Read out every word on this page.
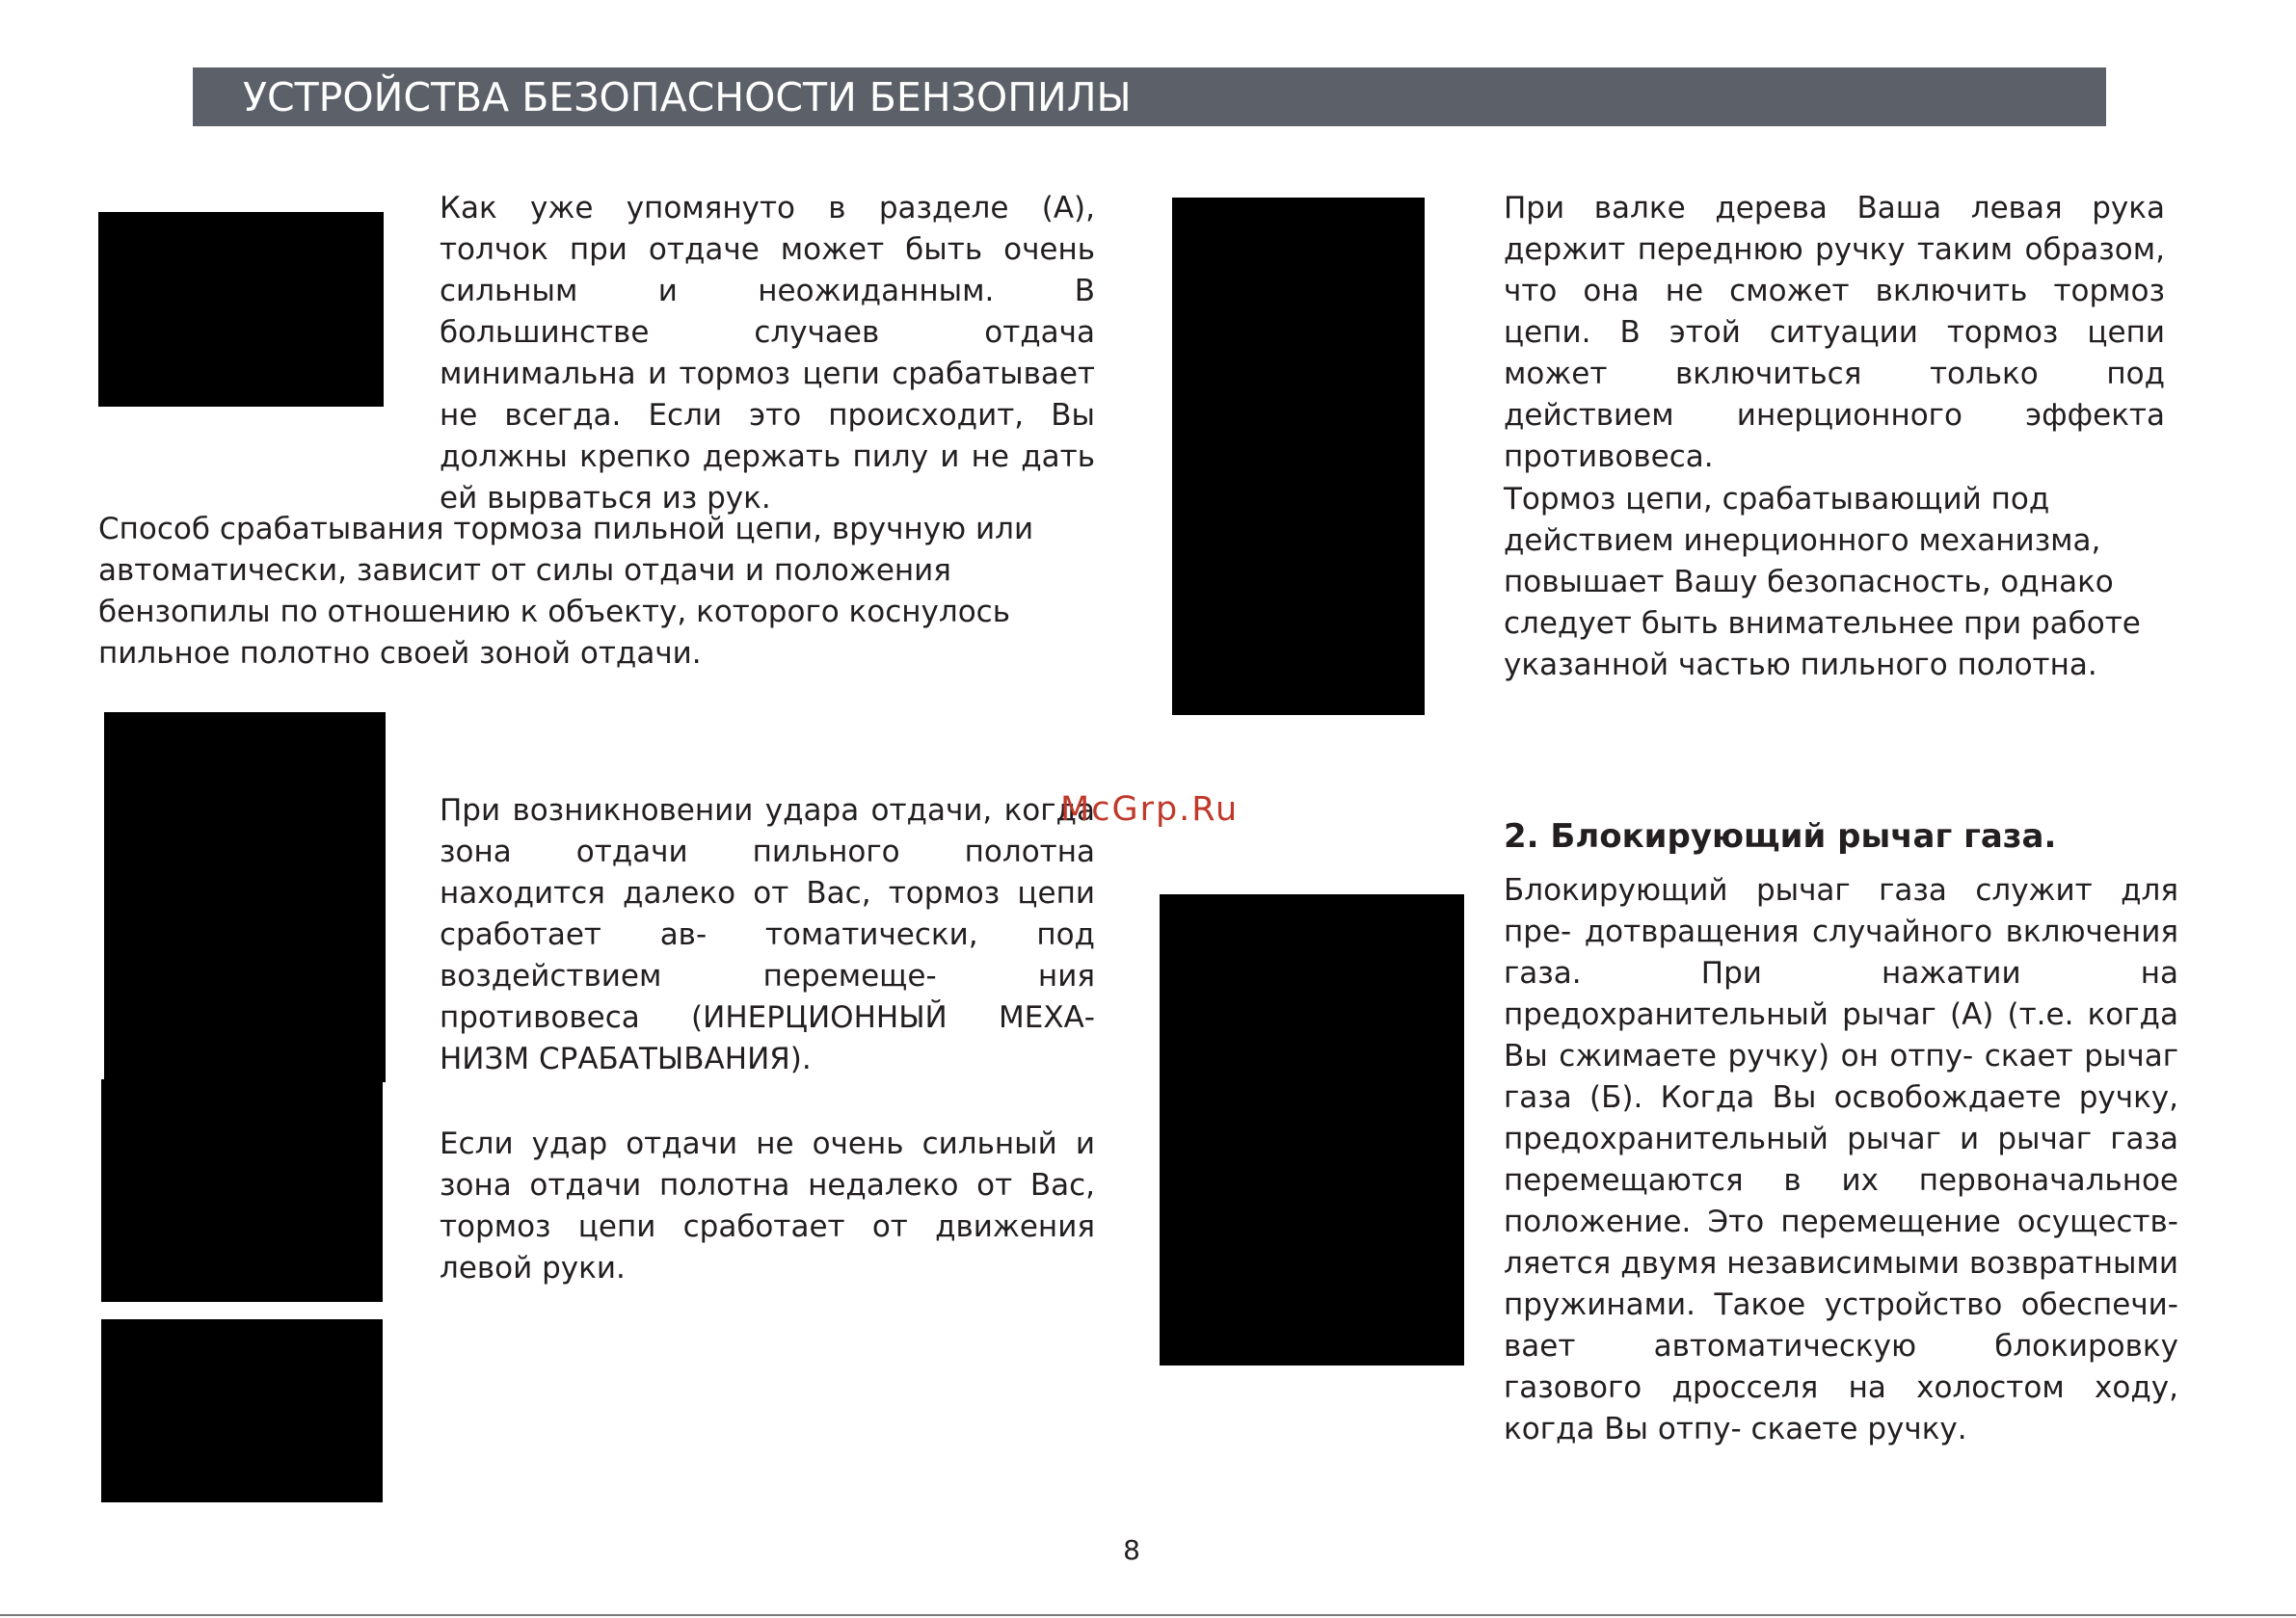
УСТРОЙСТВА БЕЗОПАСНОСТИ БЕНЗОПИЛЫ

Как уже упомянуто в разделе (А), толчок при отдаче может быть очень сильным и неожиданным. В большинстве случаев отдача минимальна и тормоз цепи срабатывает не всегда. Если это происходит, Вы должны крепко держать пилу и не дать ей вырваться из рук.

Способ срабатывания тормоза пильной цепи, вручную или автоматически, зависит от силы отдачи и положения бензопилы по отношению к объекту, которого коснулось пильное полотно своей зоной отдачи.

При возникновении удара отдачи, когда зона отдачи пильного полотна находится далеко от Вас, тормоз цепи сработает ав- томатически, под воздействием перемеще- ния противовеса (ИНЕРЦИОННЫЙ МЕХА- НИЗМ СРАБАТЫВАНИЯ).

Если удар отдачи не очень сильный и зона отдачи полотна недалеко от Вас, тормоз цепи сработает от движения левой руки.

При валке дерева Ваша левая рука держит переднюю ручку таким образом, что она не сможет включить тормоз цепи. В этой ситуации тормоз цепи может включиться только под действием инерционного эффекта противовеса.

Тормоз цепи, срабатывающий под действием инерционного механизма, повышает Вашу безопасность, однако следует быть внимательнее при работе указанной частью пильного полотна.

2. Блокирующий рычаг газа.

Блокирующий рычаг газа служит для пре- дотвращения случайного включения газа. При нажатии на предохранительный рычаг (А) (т.е. когда Вы сжимаете ручку) он отпу- скает рычаг газа (Б). Когда Вы освобождаете ручку, предохранительный рычаг и рычаг газа перемещаются в их первоначальное положение. Это перемещение осуществ- ляется двумя независимыми возвратными пружинами. Такое устройство обеспечи- вает автоматическую блокировку газового дросселя на холостом ходу, когда Вы отпу- скаете ручку.

McGrp.Ru
8
